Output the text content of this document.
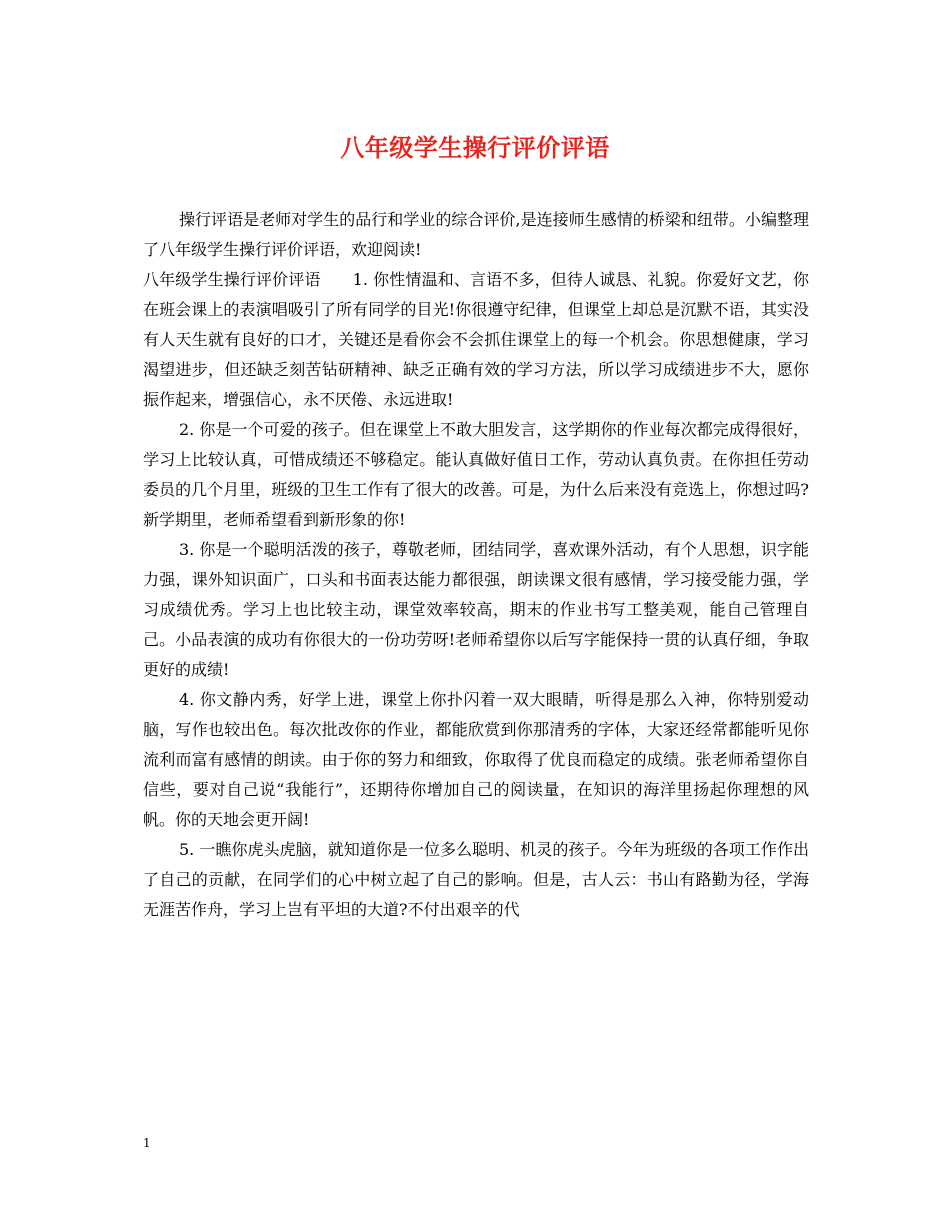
八年级学生操行评价评语

操行评语是老师对学生的品行和学业的综合评价,是连接师生感情的桥梁和纽带。小编整理了八年级学生操行评价评语，欢迎阅读!

八年级学生操行评价评语   1. 你性情温和、言语不多，但待人诚恳、礼貌。你爱好文艺，你在班会课上的表演唱吸引了所有同学的目光!你很遵守纪律，但课堂上却总是沉默不语，其实没有人天生就有良好的口才，关键还是看你会不会抓住课堂上的每一个机会。你思想健康，学习渴望进步，但还缺乏刻苦钻研精神、缺乏正确有效的学习方法，所以学习成绩进步不大，愿你振作起来，增强信心，永不厌倦、永远进取!

2. 你是一个可爱的孩子。但在课堂上不敢大胆发言，这学期你的作业每次都完成得很好，学习上比较认真，可惜成绩还不够稳定。能认真做好值日工作，劳动认真负责。在你担任劳动委员的几个月里，班级的卫生工作有了很大的改善。可是，为什么后来没有竞选上，你想过吗?新学期里，老师希望看到新形象的你!

3. 你是一个聪明活泼的孩子，尊敬老师，团结同学，喜欢课外活动，有个人思想，识字能力强，课外知识面广，口头和书面表达能力都很强，朗读课文很有感情，学习接受能力强，学习成绩优秀。学习上也比较主动，课堂效率较高，期末的作业书写工整美观，能自己管理自己。小品表演的成功有你很大的一份功劳呀!老师希望你以后写字能保持一贯的认真仔细，争取更好的成绩!

4. 你文静内秀，好学上进，课堂上你扑闪着一双大眼睛，听得是那么入神，你特别爱动脑，写作也较出色。每次批改你的作业，都能欣赏到你那清秀的字体，大家还经常都能听见你流利而富有感情的朗读。由于你的努力和细致，你取得了优良而稳定的成绩。张老师希望你自信些，要对自己说“我能行”，还期待你增加自己的阅读量，在知识的海洋里扬起你理想的风帆。你的天地会更开阔!

5. 一瞧你虎头虎脑，就知道你是一位多么聪明、机灵的孩子。今年为班级的各项工作作出了自己的贡献，在同学们的心中树立起了自己的影响。但是，古人云：书山有路勤为径，学海无涯苦作舟，学习上岂有平坦的大道?不付出艰辛的代

1
